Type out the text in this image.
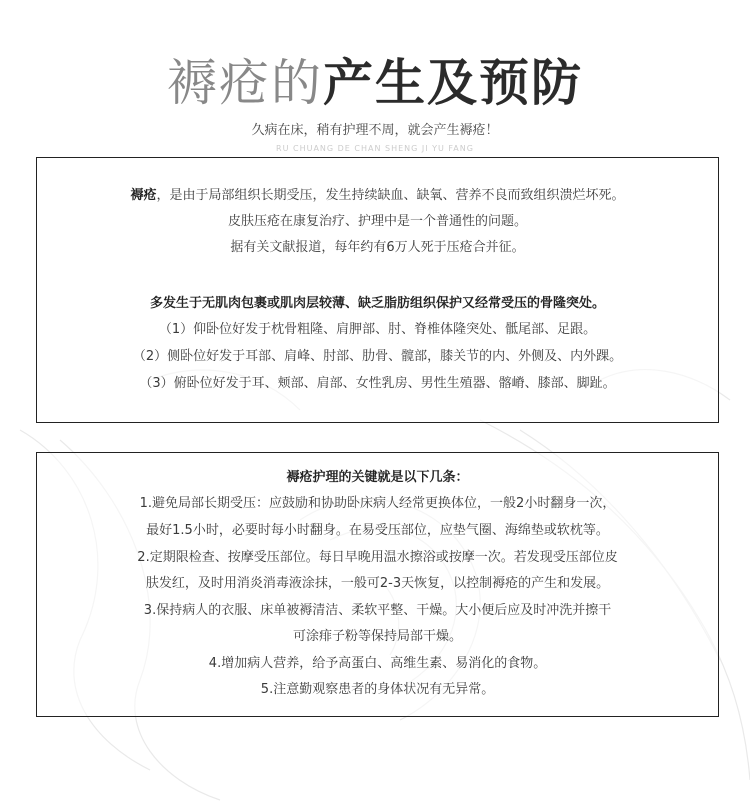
褥疮的产生及预防
久病在床，稍有护理不周，就会产生褥疮！
RU CHUANG DE CHAN SHENG JI YU FANG
褥疮，是由于局部组织长期受压，发生持续缺血、缺氧、营养不良而致组织溃烂坏死。
皮肤压疮在康复治疗、护理中是一个普通性的问题。
据有关文献报道，每年约有6万人死于压疮合并征。
多发生于无肌肉包裹或肌肉层较薄、缺乏脂肪组织保护又经常受压的骨隆突处。
（1）仰卧位好发于枕骨粗隆、肩胛部、肘、脊椎体隆突处、骶尾部、足跟。
（2）侧卧位好发于耳部、肩峰、肘部、肋骨、髋部，膝关节的内、外侧及、内外踝。
（3）俯卧位好发于耳、颊部、肩部、女性乳房、男性生殖器、髂嵴、膝部、脚趾。
褥疮护理的关键就是以下几条：
1.避免局部长期受压：应鼓励和协助卧床病人经常更换体位，一般2小时翻身一次，
最好1.5小时，必要时每小时翻身。在易受压部位，应垫气圈、海绵垫或软枕等。
2.定期限检查、按摩受压部位。每日早晚用温水擦浴或按摩一次。若发现受压部位皮
肤发红，及时用消炎消毒液涂抹，一般可2-3天恢复，以控制褥疮的产生和发展。
3.保持病人的衣服、床单被褥清洁、柔软平整、干燥。大小便后应及时冲洗并擦干
可涂痱子粉等保持局部干燥。
4.增加病人营养，给予高蛋白、高维生素、易消化的食物。
5.注意勤观察患者的身体状况有无异常。
